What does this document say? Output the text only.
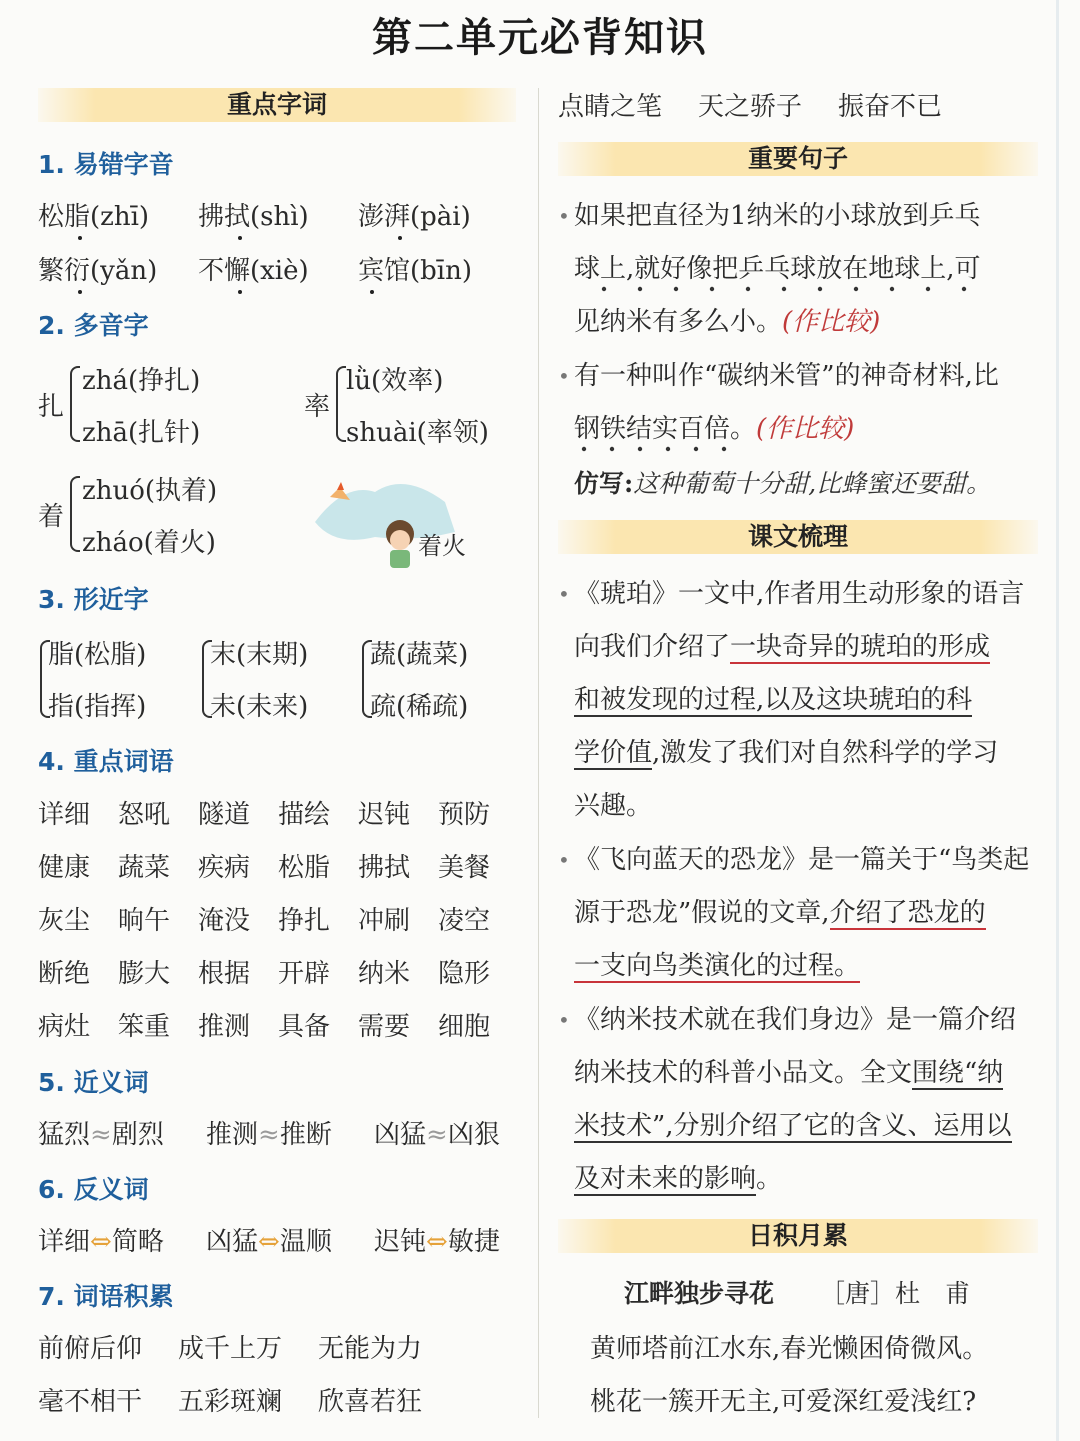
第二单元必背知识
重点字词
1. 易错字音
松脂(zhī) 拂拭(shì) 澎湃(pài)
繁衍(yǎn) 不懈(xiè) 宾馆(bīn)
2. 多音字
扎
zhá(挣扎)
zhā(扎针)
率
lǜ(效率)
shuài(率领)
着
zhuó(执着)
zháo(着火)	着火
3. 形近字
脂(松脂)
指(指挥)
末(末期)
未(未来)
蔬(蔬菜)
疏(稀疏)
4. 重点词语
详细	怒吼	隧道	描绘	迟钝	预防
健康	蔬菜	疾病	松脂	拂拭	美餐
灰尘	晌午	淹没	挣扎	冲刷	凌空
断绝	膨大	根据	开辟	纳米	隐形
病灶	笨重	推测	具备	需要	细胞
5. 近义词
猛烈≈剧烈 推测≈推断 凶猛≈凶狠
6. 反义词
详细⇔简略 凶猛⇔温顺 迟钝⇔敏捷
7. 词语积累
前俯后仰 成千上万 无能为力
毫不相干 五彩斑斓 欣喜若狂
点睛之笔 天之骄子 振奋不已
重要句子
• 如果把直径为1纳米的小球放到乒乓
球上,就好像把乒乓球放在地球上,可
见纳米有多么小。(作比较)
• 有一种叫作“碳纳米管”的神奇材料,比
钢铁结实百倍。(作比较)
仿写:这种葡萄十分甜,比蜂蜜还要甜。
课文梳理
• 《琥珀》一文中,作者用生动形象的语言
向我们介绍了一块奇异的琥珀的形成
和被发现的过程,以及这块琥珀的科
学价值,激发了我们对自然科学的学习
兴趣。
• 《飞向蓝天的恐龙》是一篇关于“鸟类起
源于恐龙”假说的文章,介绍了恐龙的
一支向鸟类演化的过程。
• 《纳米技术就在我们身边》是一篇介绍
纳米技术的科普小品文。全文围绕“纳
米技术”,分别介绍了它的含义、运用以
及对未来的影响。
日积月累
江畔独步寻花 ［唐］杜　甫
黄师塔前江水东,春光懒困倚微风。
桃花一簇开无主,可爱深红爱浅红?
